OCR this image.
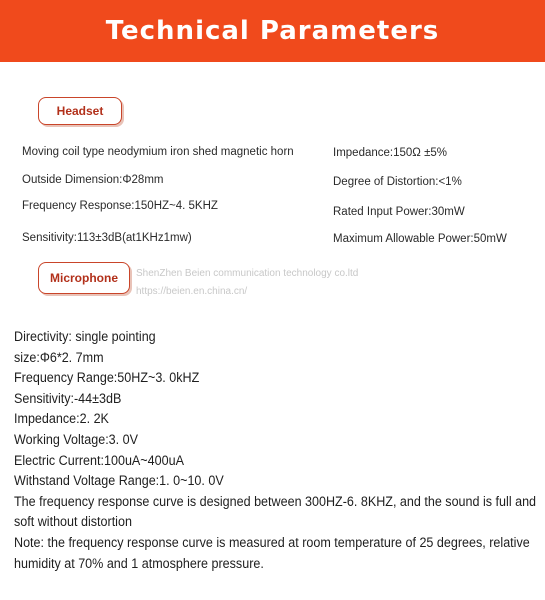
Technical Parameters
Headset
Moving coil type neodymium iron shed magnetic horn
Outside Dimension:Φ28mm
Frequency Response:150HZ~4. 5KHZ
Sensitivity:113±3dB(at1KHz1mw)
Impedance:150Ω ±5%
Degree of Distortion:<1%
Rated Input Power:30mW
Maximum Allowable Power:50mW
Microphone	ShenZhen Beien communication technology co.ltd
https://beien.en.china.cn/
Directivity: single pointing
size:Φ6*2. 7mm
Frequency Range:50HZ~3. 0kHZ
Sensitivity:-44±3dB
Impedance:2. 2K
Working Voltage:3. 0V
Electric Current:100uA~400uA
Withstand Voltage Range:1. 0~10. 0V
The frequency response curve is designed between 300HZ-6. 8KHZ, and the sound is full and soft without distortion
Note: the frequency response curve is measured at room temperature of 25 degrees, relative humidity at 70% and 1 atmosphere pressure.
